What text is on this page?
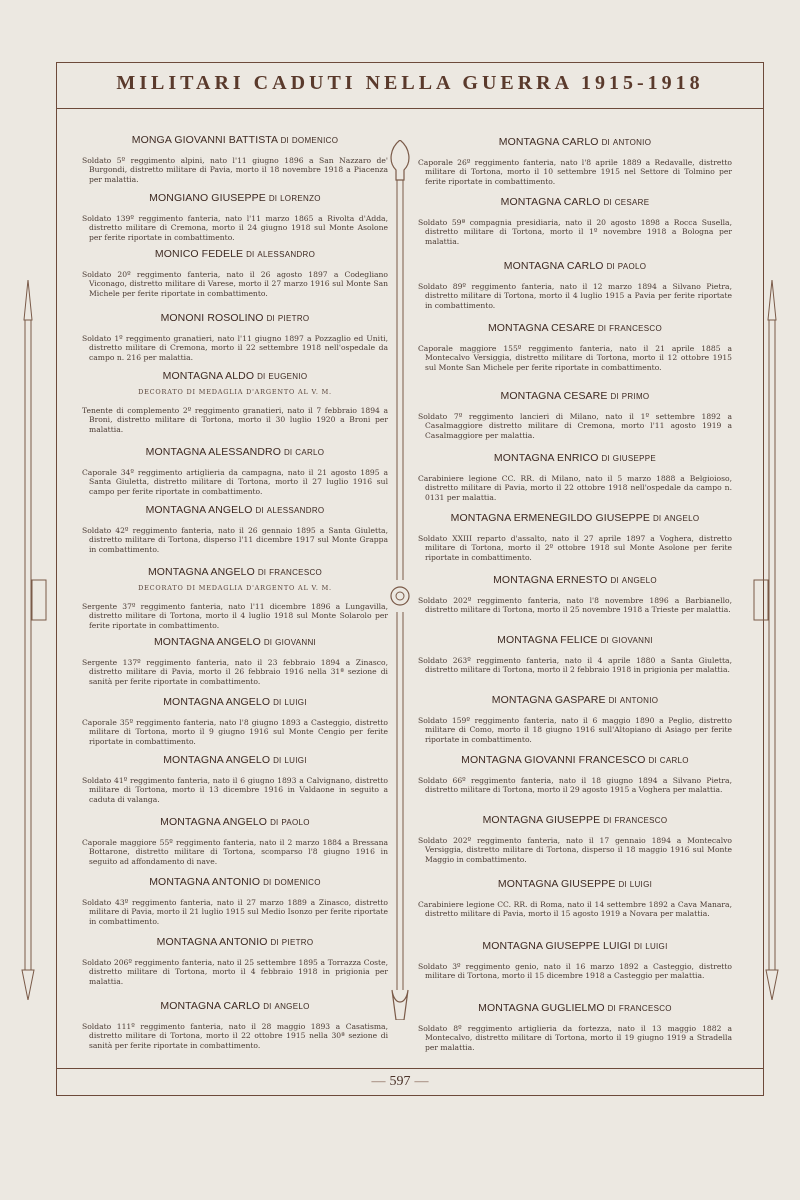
MILITARI CADUTI NELLA GUERRA 1915-1918
MONGA GIOVANNI BATTISTA DI DOMENICO

Soldato 5º reggimento alpini, nato l'11 giugno 1896 a San Nazzaro de' Burgondi, distretto militare di Pavia, morto il 18 novembre 1918 a Piacenza per malattia.

MONGIANO GIUSEPPE DI LORENZO

Soldato 139º reggimento fanteria, nato l'11 marzo 1865 a Rivolta d'Adda, distretto militare di Cremona, morto il 24 giugno 1918 sul Monte Asolone per ferite riportate in combattimento.

MONICO FEDELE DI ALESSANDRO

Soldato 20º reggimento fanteria, nato il 26 agosto 1897 a Codegliano Viconago, distretto militare di Varese, morto il 27 marzo 1916 sul Monte San Michele per ferite riportate in combattimento.

MONONI ROSOLINO DI PIETRO

Soldato 1º reggimento granatieri, nato l'11 giugno 1897 a Pozzaglio ed Uniti, distretto militare di Cremona, morto il 22 settembre 1918 nell'ospedale da campo n. 216 per malattia.

MONTAGNA ALDO DI EUGENIO
DECORATO DI MEDAGLIA D'ARGENTO AL V. M.

Tenente di complemento 2º reggimento granatieri, nato il 7 febbraio 1894 a Broni, distretto militare di Tortona, morto il 30 luglio 1920 a Broni per malattia.

MONTAGNA ALESSANDRO DI CARLO

Caporale 34º reggimento artiglieria da campagna, nato il 21 agosto 1895 a Santa Giuletta, distretto militare di Tortona, morto il 27 luglio 1916 sul campo per ferite riportate in combattimento.

MONTAGNA ANGELO DI ALESSANDRO

Soldato 42º reggimento fanteria, nato il 26 gennaio 1895 a Santa Giuletta, distretto militare di Tortona, disperso l'11 dicembre 1917 sul Monte Grappa in combattimento.

MONTAGNA ANGELO DI FRANCESCO
DECORATO DI MEDAGLIA D'ARGENTO AL V. M.

Sergente 37º reggimento fanteria, nato l'11 dicembre 1896 a Lungavilla, distretto militare di Tortona, morto il 4 luglio 1918 sul Monte Solarolo per ferite riportate in combattimento.

MONTAGNA ANGELO DI GIOVANNI

Sergente 137º reggimento fanteria, nato il 23 febbraio 1894 a Zinasco, distretto militare di Pavia, morto il 26 febbraio 1916 nella 31ª sezione di sanità per ferite riportate in combattimento.

MONTAGNA ANGELO DI LUIGI

Caporale 35º reggimento fanteria, nato l'8 giugno 1893 a Casteggio, distretto militare di Tortona, morto il 9 giugno 1916 sul Monte Cengio per ferite riportate in combattimento.

MONTAGNA ANGELO DI LUIGI

Soldato 41º reggimento fanteria, nato il 6 giugno 1893 a Calvignano, distretto militare di Tortona, morto il 13 dicembre 1916 in Valdaone in seguito a caduta di valanga.

MONTAGNA ANGELO DI PAOLO

Caporale maggiore 55º reggimento fanteria, nato il 2 marzo 1884 a Bressana Bottarone, distretto militare di Tortona, scomparso l'8 giugno 1916 in seguito ad affondamento di nave.

MONTAGNA ANTONIO DI DOMENICO

Soldato 43º reggimento fanteria, nato il 27 marzo 1889 a Zinasco, distretto militare di Pavia, morto il 21 luglio 1915 sul Medio Isonzo per ferite riportate in combattimento.

MONTAGNA ANTONIO DI PIETRO

Soldato 206º reggimento fanteria, nato il 25 settembre 1895 a Torrazza Coste, distretto militare di Tortona, morto il 4 febbraio 1918 in prigionia per malattia.

MONTAGNA CARLO DI ANGELO

Soldato 111º reggimento fanteria, nato il 28 maggio 1893 a Casatisma, distretto militare di Tortona, morto il 22 ottobre 1915 nella 30ª sezione di sanità per ferite riportate in combattimento.

MONTAGNA CARLO DI ANTONIO

Caporale 26º reggimento fanteria, nato l'8 aprile 1889 a Redavalle, distretto militare di Tortona, morto il 10 settembre 1915 nel Settore di Tolmino per ferite riportate in combattimento.

MONTAGNA CARLO DI CESARE

Soldato 59ª compagnia presidiaria, nato il 20 agosto 1898 a Rocca Susella, distretto militare di Tortona, morto il 1º novembre 1918 a Bologna per malattia.

MONTAGNA CARLO DI PAOLO

Soldato 89º reggimento fanteria, nato il 12 marzo 1894 a Silvano Pietra, distretto militare di Tortona, morto il 4 luglio 1915 a Pavia per ferite riportate in combattimento.

MONTAGNA CESARE DI FRANCESCO

Caporale maggiore 155º reggimento fanteria, nato il 21 aprile 1885 a Montecalvo Versiggia, distretto militare di Tortona, morto il 12 ottobre 1915 sul Monte San Michele per ferite riportate in combattimento.

MONTAGNA CESARE DI PRIMO

Soldato 7º reggimento lancieri di Milano, nato il 1º settembre 1892 a Casalmaggiore distretto militare di Cremona, morto l'11 agosto 1919 a Casalmaggiore per malattia.

MONTAGNA ENRICO DI GIUSEPPE

Carabiniere legione CC. RR. di Milano, nato il 5 marzo 1888 a Belgioioso, distretto militare di Pavia, morto il 22 ottobre 1918 nell'ospedale da campo n. 0131 per malattia.

MONTAGNA ERMENEGILDO GIUSEPPE DI ANGELO

Soldato XXIII reparto d'assalto, nato il 27 aprile 1897 a Voghera, distretto militare di Tortona, morto il 2º ottobre 1918 sul Monte Asolone per ferite riportate in combattimento.

MONTAGNA ERNESTO DI ANGELO

Soldato 202º reggimento fanteria, nato l'8 novembre 1896 a Barbianello, distretto militare di Tortona, morto il 25 novembre 1918 a Trieste per malattia.

MONTAGNA FELICE DI GIOVANNI

Soldato 263º reggimento fanteria, nato il 4 aprile 1880 a Santa Giuletta, distretto militare di Tortona, morto il 2 febbraio 1918 in prigionia per malattia.

MONTAGNA GASPARE DI ANTONIO

Soldato 159º reggimento fanteria, nato il 6 maggio 1890 a Peglio, distretto militare di Como, morto il 18 giugno 1916 sull'Altopiano di Asiago per ferite riportate in combattimento.

MONTAGNA GIOVANNI FRANCESCO DI CARLO

Soldato 66º reggimento fanteria, nato il 18 giugno 1894 a Silvano Pietra, distretto militare di Tortona, morto il 29 agosto 1915 a Voghera per malattia.

MONTAGNA GIUSEPPE DI FRANCESCO

Soldato 202º reggimento fanteria, nato il 17 gennaio 1894 a Montecalvo Versiggia, distretto militare di Tortona, disperso il 18 maggio 1916 sul Monte Maggio in combattimento.

MONTAGNA GIUSEPPE DI LUIGI

Carabiniere legione CC. RR. di Roma, nato il 14 settembre 1892 a Cava Manara, distretto militare di Pavia, morto il 15 agosto 1919 a Novara per malattia.

MONTAGNA GIUSEPPE LUIGI DI LUIGI

Soldato 3º reggimento genio, nato il 16 marzo 1892 a Casteggio, distretto militare di Tortona, morto il 15 dicembre 1918 a Casteggio per malattia.

MONTAGNA GUGLIELMO DI FRANCESCO

Soldato 8º reggimento artiglieria da fortezza, nato il 13 maggio 1882 a Montecalvo, distretto militare di Tortona, morto il 19 giugno 1919 a Stradella per malattia.

— 597 —
